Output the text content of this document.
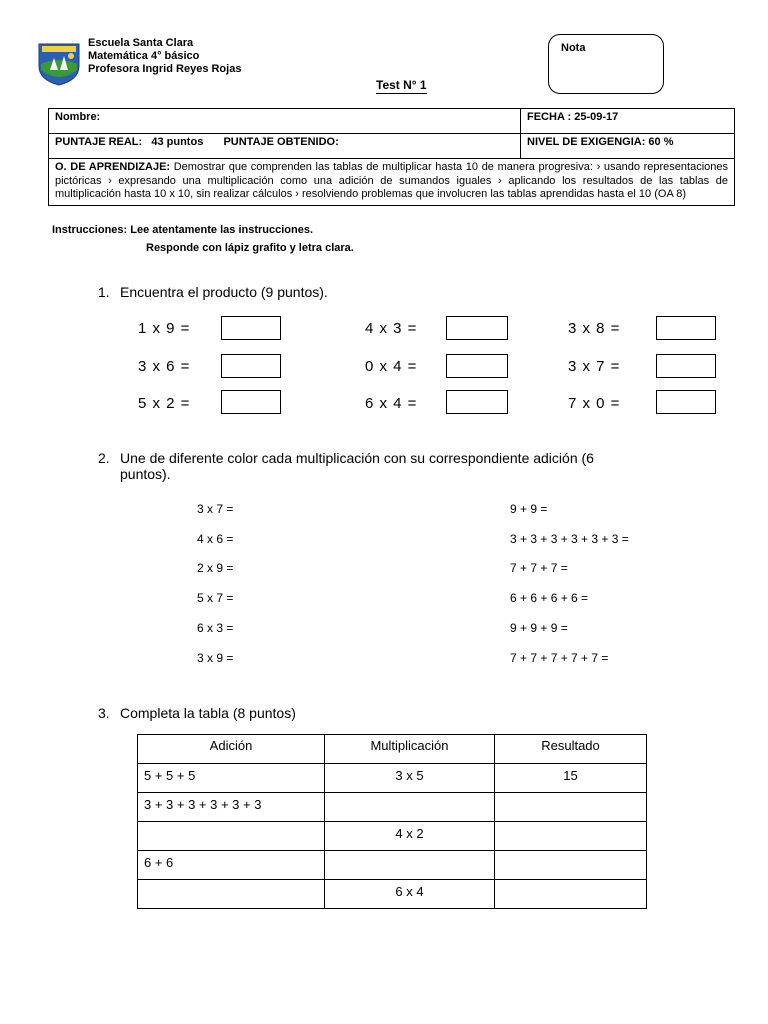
Escuela Santa Clara
Matemática 4° básico
Profesora Ingrid Reyes Rojas
Nota
Test N° 1
Nombre:	FECHA : 25-09-17
PUNTAJE REAL:   43 puntos PUNTAJE OBTENIDO:	NIVEL DE EXIGENGIA: 60 %
O. DE APRENDIZAJE: Demostrar que comprenden las tablas de multiplicar hasta 10 de manera progresiva: › usando representaciones pictóricas › expresando una multiplicación como una adición de sumandos iguales › aplicando los resultados de las tablas de multiplicación hasta 10 x 10, sin realizar cálculos › resolviendo problemas que involucren las tablas aprendidas hasta el 10 (OA 8)	
Instrucciones: Lee atentamente las instrucciones.
Responde con lápiz grafito y letra clara.
1. Encuentra el producto (9 puntos).
1 x 9 =	4 x 3 =	3 x 8 =
3 x 6 =	0 x 4 =	3 x 7 =
5 x 2 =	6 x 4 =	7 x 0 =
2. Une de diferente color cada multiplicación con su correspondiente adición (6
puntos).
3 x 7 =
4 x 6 =
2 x 9 =
5 x 7 =
6 x 3 =
3 x 9 =
9 + 9 =
3 + 3 + 3 + 3 + 3 + 3 =
7 + 7 + 7 =
6 + 6 + 6 + 6 =
9 + 9 + 9 =
7 + 7 + 7 + 7 + 7 =
3. Completa la tabla (8 puntos)
Adición	Multiplicación	Resultado
5 + 5 + 5	3 x 5	15
3 + 3 + 3 + 3 + 3 + 3		
	4 x 2	
6 + 6		
	6 x 4	
